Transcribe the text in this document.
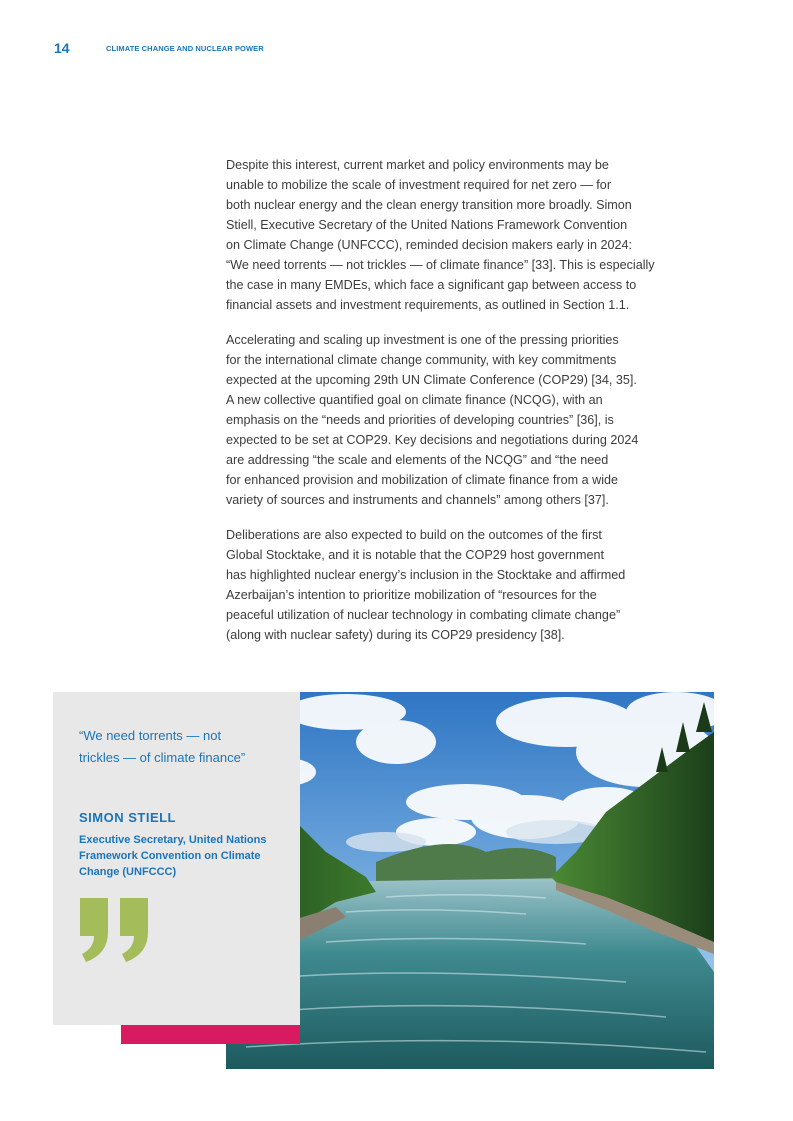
14	CLIMATE CHANGE AND NUCLEAR POWER

Despite this interest, current market and policy environments may be
unable to mobilize the scale of investment required for net zero — for
both nuclear energy and the clean energy transition more broadly. Simon
Stiell, Executive Secretary of the United Nations Framework Convention
on Climate Change (UNFCCC), reminded decision makers early in 2024:
“We need torrents — not trickles — of climate finance” [33]. This is especially
the case in many EMDEs, which face a significant gap between access to
financial assets and investment requirements, as outlined in Section 1.1.

Accelerating and scaling up investment is one of the pressing priorities
for the international climate change community, with key commitments
expected at the upcoming 29th UN Climate Conference (COP29) [34, 35].
A new collective quantified goal on climate finance (NCQG), with an
emphasis on the “needs and priorities of developing countries” [36], is
expected to be set at COP29. Key decisions and negotiations during 2024
are addressing “the scale and elements of the NCQG” and “the need
for enhanced provision and mobilization of climate finance from a wide
variety of sources and instruments and channels” among others [37].

Deliberations are also expected to build on the outcomes of the first
Global Stocktake, and it is notable that the COP29 host government
has highlighted nuclear energy’s inclusion in the Stocktake and affirmed
Azerbaijan’s intention to prioritize mobilization of “resources for the
peaceful utilization of nuclear technology in combating climate change”
(along with nuclear safety) during its COP29 presidency [38].

“We need torrents — not
trickles — of climate finance”
SIMON STIELL
Executive Secretary, United Nations
Framework Convention on Climate
Change (UNFCCC)
